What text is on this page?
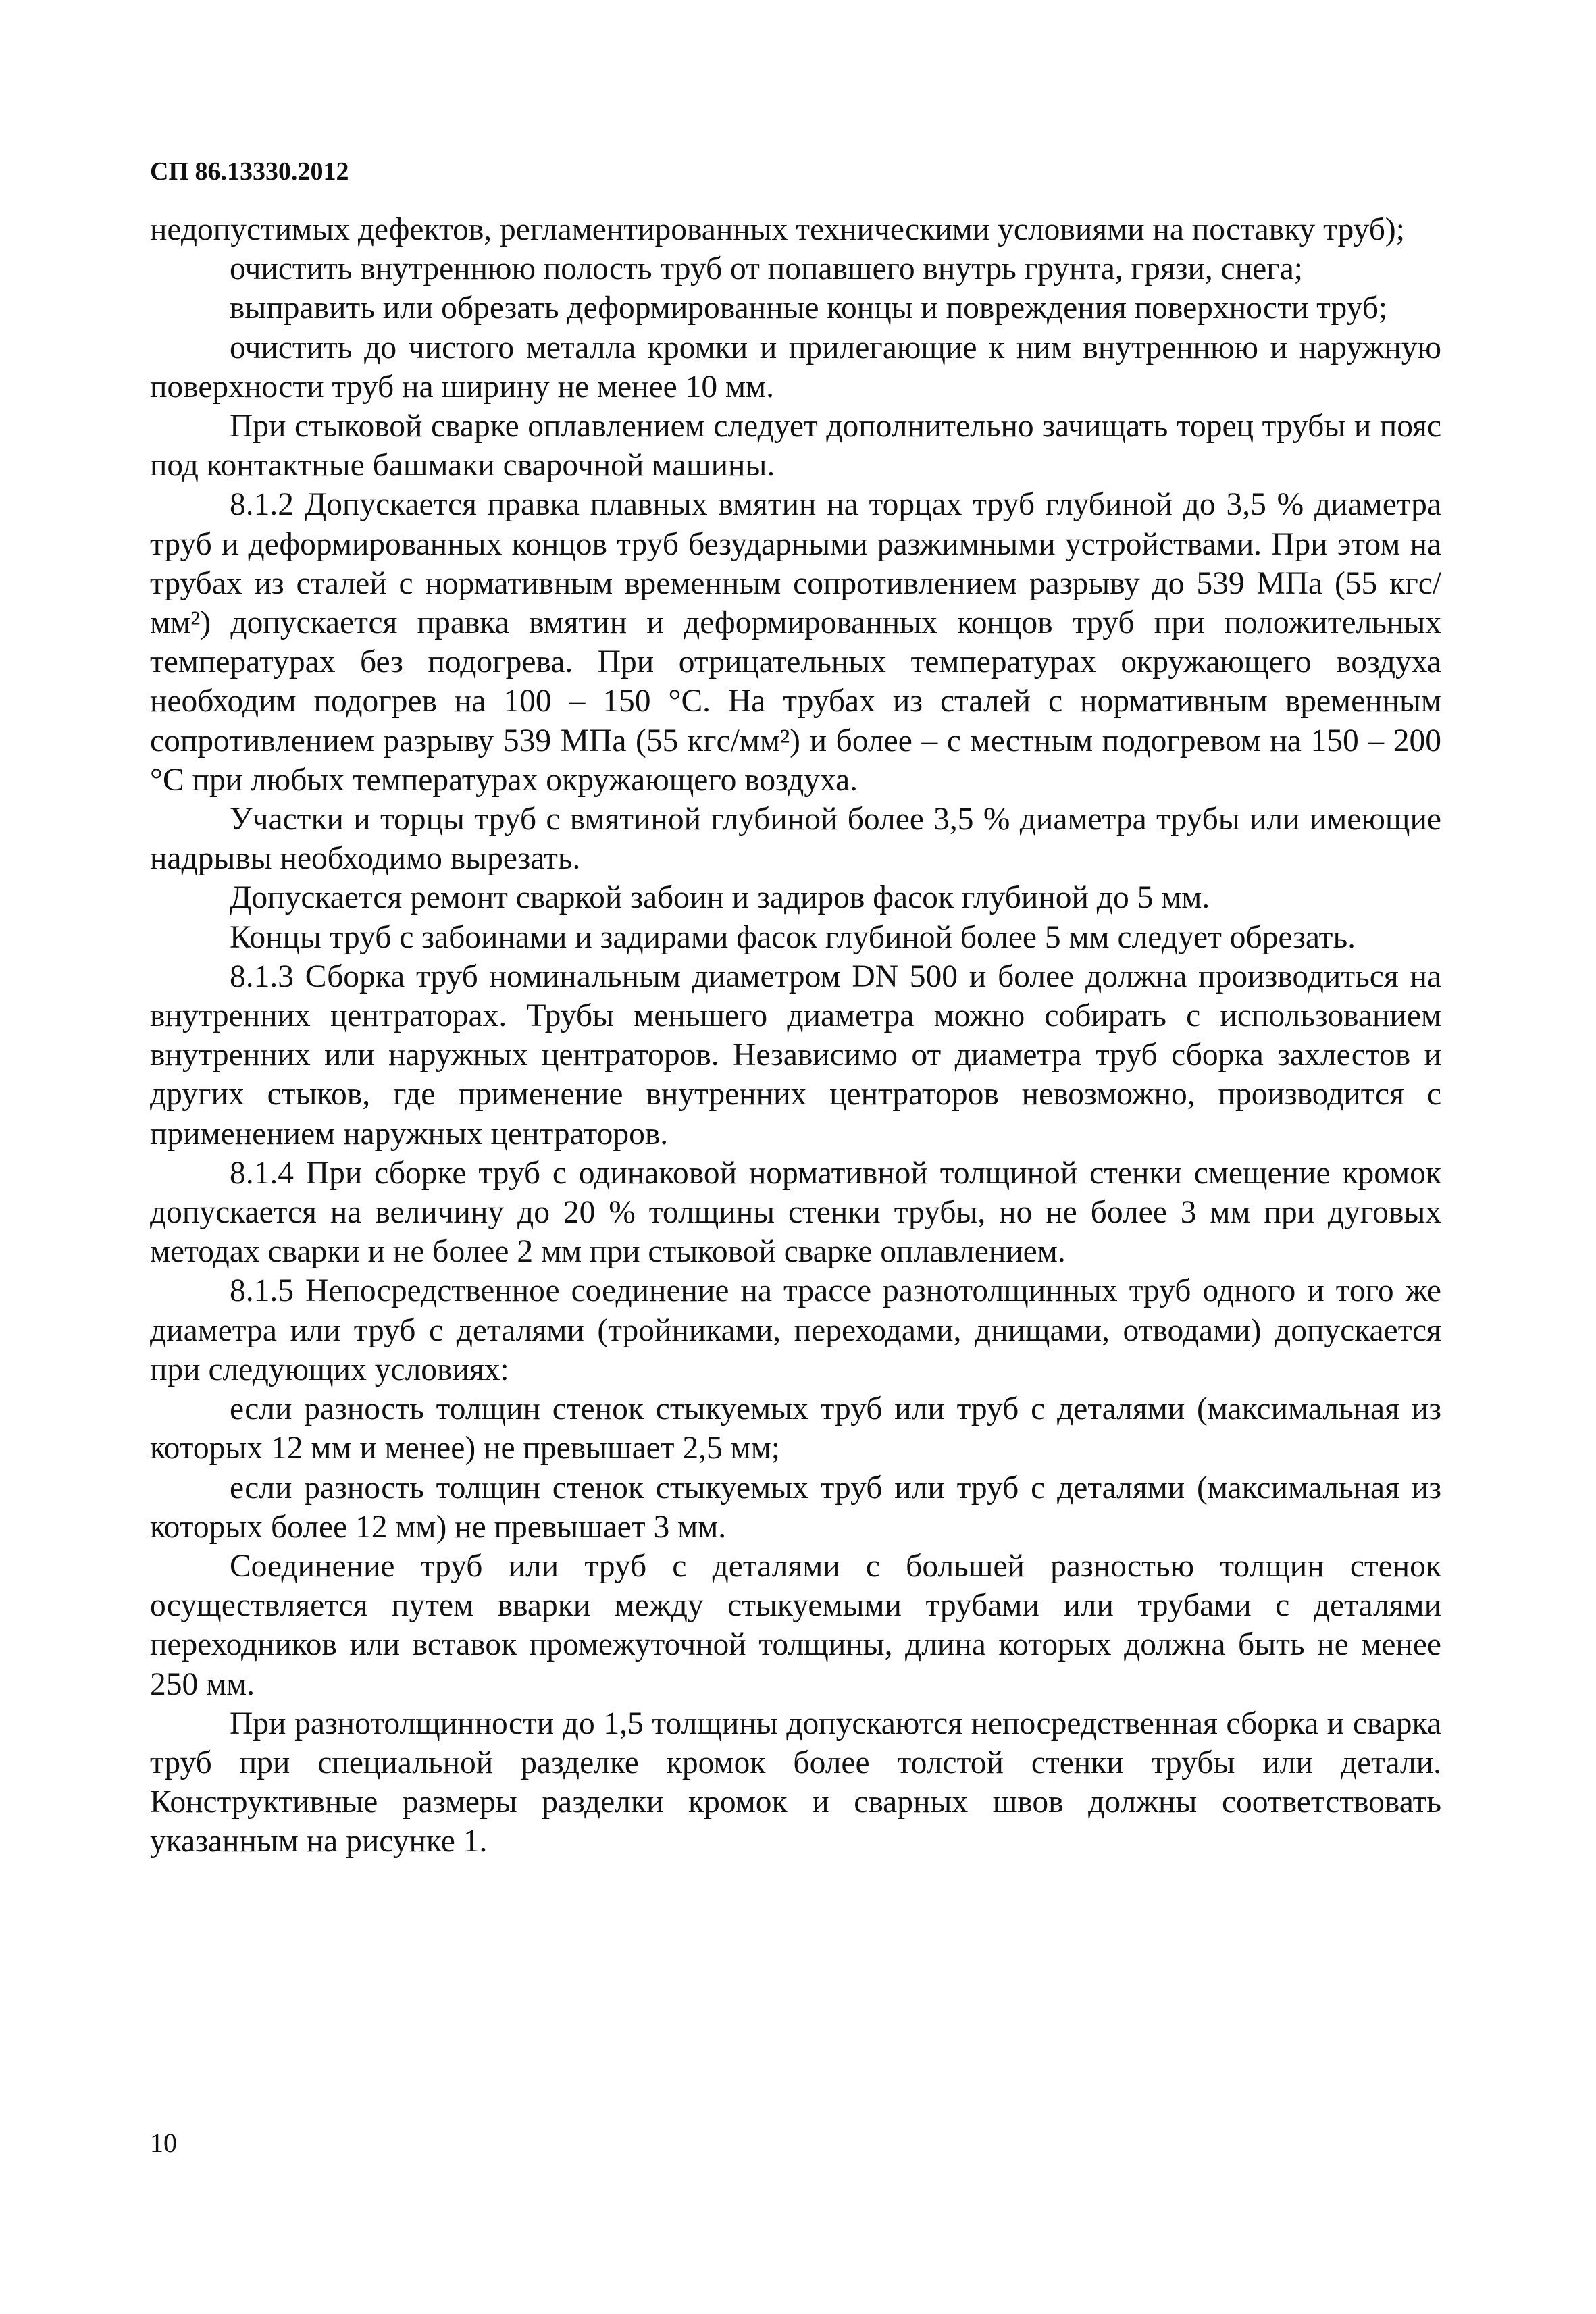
СП 86.13330.2012

недопустимых дефектов, регламентированных техническими условиями на поставку труб);

очистить внутреннюю полость труб от попавшего внутрь грунта, грязи, снега;

выправить или обрезать деформированные концы и повреждения поверхности труб;

очистить до чистого металла кромки и прилегающие к ним внутреннюю и наружную поверхности труб на ширину не менее 10 мм.

При стыковой сварке оплавлением следует дополнительно зачищать торец трубы и пояс под контактные башмаки сварочной машины.

8.1.2 Допускается правка плавных вмятин на торцах труб глубиной до 3,5 % диаметра труб и деформированных концов труб безударными разжимными устройствами. При этом на трубах из сталей с нормативным временным сопротивлением разрыву до 539 МПа (55 кгс/мм²) допускается правка вмятин и деформированных концов труб при положительных температурах без подогрева. При отрицательных температурах окружающего воздуха необходим подогрев на 100 – 150 °С. На трубах из сталей с нормативным временным сопротивлением разрыву 539 МПа (55 кгс/мм²) и более – с местным подогревом на 150 – 200 °С при любых температурах окружающего воздуха.

Участки и торцы труб с вмятиной глубиной более 3,5 % диаметра трубы или имеющие надрывы необходимо вырезать.

Допускается ремонт сваркой забоин и задиров фасок глубиной до 5 мм.

Концы труб с забоинами и задирами фасок глубиной более 5 мм следует обрезать.

8.1.3 Сборка труб номинальным диаметром DN 500 и более должна производиться на внутренних центраторах. Трубы меньшего диаметра можно собирать с использованием внутренних или наружных центраторов. Независимо от диаметра труб сборка захлестов и других стыков, где применение внутренних центраторов невозможно, производится с применением наружных центраторов.

8.1.4 При сборке труб с одинаковой нормативной толщиной стенки смещение кромок допускается на величину до 20 % толщины стенки трубы, но не более 3 мм при дуговых методах сварки и не более 2 мм при стыковой сварке оплавлением.

8.1.5 Непосредственное соединение на трассе разнотолщинных труб одного и того же диаметра или труб с деталями (тройниками, переходами, днищами, отводами) допускается при следующих условиях:

если разность толщин стенок стыкуемых труб или труб с деталями (максимальная из которых 12 мм и менее) не превышает 2,5 мм;

если разность толщин стенок стыкуемых труб или труб с деталями (максимальная из которых более 12 мм) не превышает 3 мм.

Соединение труб или труб с деталями с большей разностью толщин стенок осуществляется путем вварки между стыкуемыми трубами или трубами с деталями переходников или вставок промежуточной толщины, длина которых должна быть не менее 250 мм.

При разнотолщинности до 1,5 толщины допускаются непосредственная сборка и сварка труб при специальной разделке кромок более толстой стенки трубы или детали. Конструктивные размеры разделки кромок и сварных швов должны соответствовать указанным на рисунке 1.

10
